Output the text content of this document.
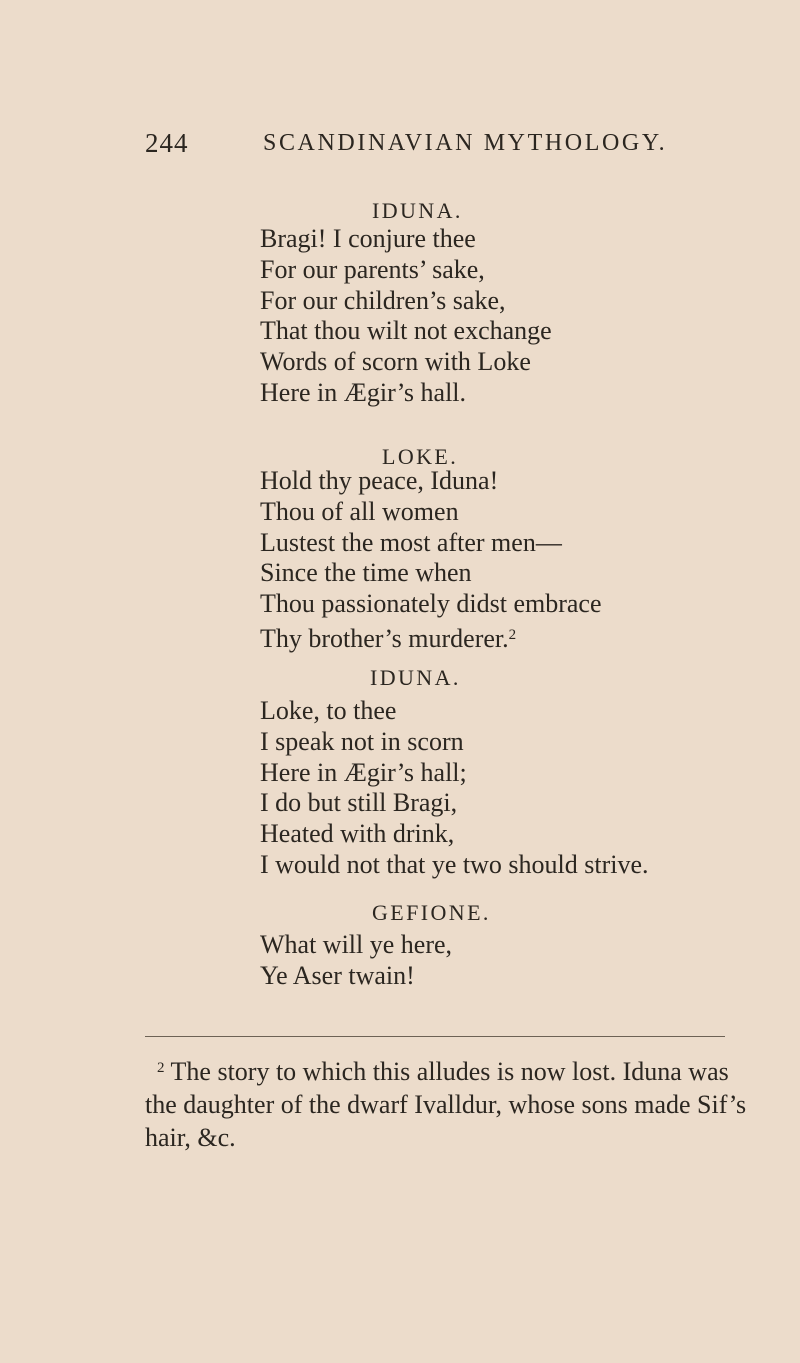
244	SCANDINAVIAN MYTHOLOGY.
IDUNA.
Bragi! I conjure thee
For our parents’ sake,
For our children’s sake,
That thou wilt not exchange
Words of scorn with Loke
Here in Ægir’s hall.
LOKE.
Hold thy peace, Iduna!
Thou of all women
Lustest the most after men—
Since the time when
Thou passionately didst embrace
Thy brother’s murderer.$^2$
IDUNA.
Loke, to thee
I speak not in scorn
Here in Ægir’s hall;
I do but still Bragi,
Heated with drink,
I would not that ye two should strive.
GEFIONE.
What will ye here,
Ye Aser twain!
$^2$ The story to which this alludes is now lost. Iduna was
the daughter of the dwarf Ivalldur, whose sons made Sif’s
hair, &c.
